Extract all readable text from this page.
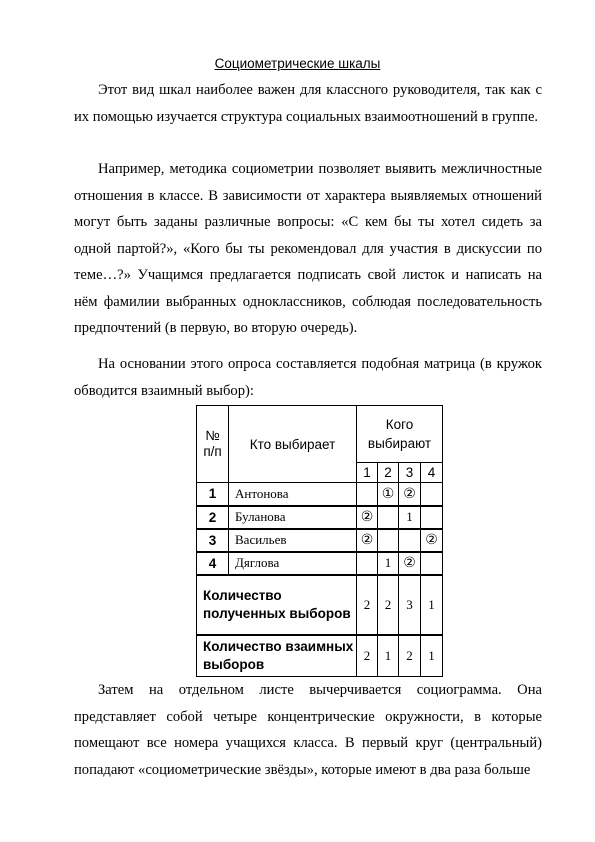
Социометрические шкалы

Этот вид шкал наиболее важен для классного руководителя, так как с их помощью изучается структура социальных взаимоотношений в группе.

Например, методика социометрии позволяет выявить межличностные отношения в классе. В зависимости от характера выявляемых отношений могут быть заданы различные вопросы: «С кем бы ты хотел сидеть за одной партой?», «Кого бы ты рекомендовал для участия в дискуссии по теме…?» Учащимся предлагается подписать свой листок и написать на нём фамилии выбранных одноклассников, соблюдая последовательность предпочтений (в первую, во вторую очередь).

На основании этого опроса составляется подобная матрица (в кружок обводится взаимный выбор):

№
п/п	Кто выбирает	Кого выбирают			
		1	2	3	4
1	Антонова		①	②	
2	Буланова	②		1	
3	Васильев	②			②
4	Дяглова		1	②	
Количество полученных выборов		2	2	3	1
Количество взаимных выборов		2	1	2	1

Затем на отдельном листе вычерчивается социограмма. Она представляет собой четыре концентрические окружности, в которые помещают все номера учащихся класса. В первый круг (центральный) попадают «социометрические звёзды», которые имеют в два раза больше
